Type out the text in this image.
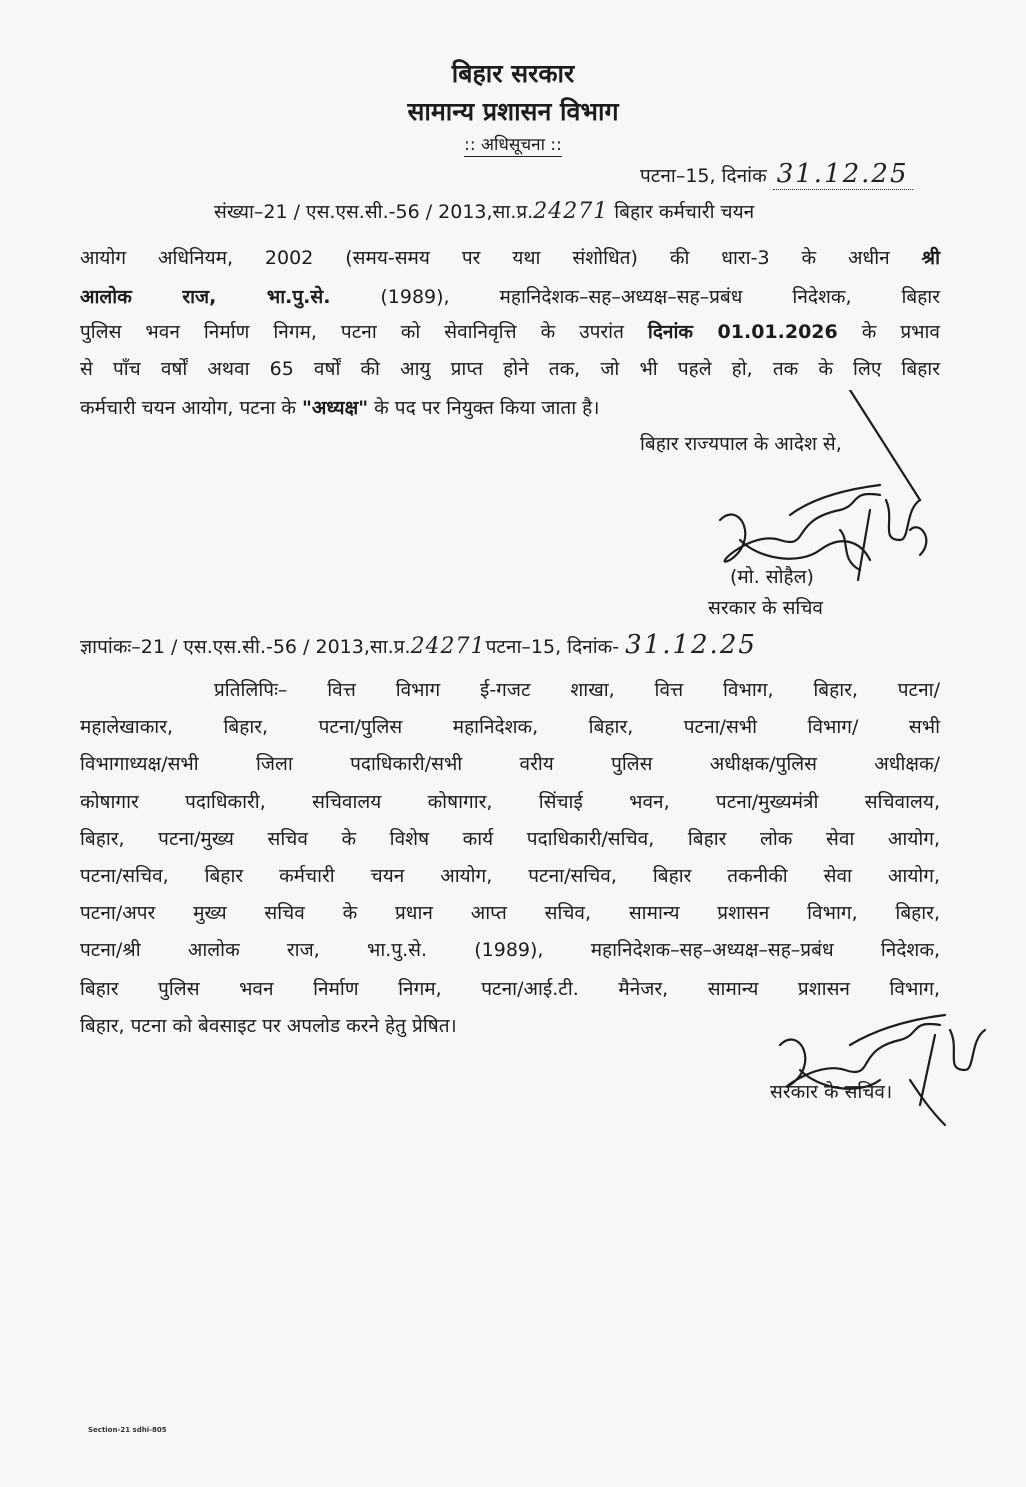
बिहार सरकार
सामान्य प्रशासन विभाग
:: अधिसूचना ::
पटना–15, दिनांक 31.12.25
संख्या–21 / एस.एस.सी.-56 / 2013,सा.प्र.24271 बिहार कर्मचारी चयन
आयोग अधिनियम, 2002 (समय-समय पर यथा संशोधित) की धारा-3 के अधीन श्री
आलोक राज, भा.पु.से.	(1989), महानिदेशक–सह–अध्यक्ष–सह–प्रबंध निदेशक, बिहार
पुलिस भवन निर्माण निगम, पटना को सेवानिवृत्ति के उपरांत दिनांक 01.01.2026 के प्रभाव
से पाँच वर्षों अथवा 65 वर्षों की आयु प्राप्त होने तक, जो भी पहले हो, तक के लिए बिहार
कर्मचारी चयन आयोग, पटना के "अध्यक्ष" के पद पर नियुक्त किया जाता है।
बिहार राज्यपाल के आदेश से,
(मो. सोहैल)
सरकार के सचिव
ज्ञापांकः–21 / एस.एस.सी.-56 / 2013,सा.प्र.24271पटना–15, दिनांक- 31.12.25
प्रतिलिपिः– वित्त विभाग ई-गजट शाखा, वित्त विभाग, बिहार, पटना/
महालेखाकार, बिहार, पटना/पुलिस महानिदेशक, बिहार, पटना/सभी विभाग/ सभी
विभागाध्यक्ष/सभी जिला पदाधिकारी/सभी वरीय पुलिस अधीक्षक/पुलिस अधीक्षक/
कोषागार पदाधिकारी, सचिवालय कोषागार, सिंचाई भवन, पटना/मुख्यमंत्री सचिवालय,
बिहार, पटना/मुख्य सचिव के विशेष कार्य पदाधिकारी/सचिव, बिहार लोक सेवा आयोग,
पटना/सचिव, बिहार कर्मचारी चयन आयोग, पटना/सचिव, बिहार तकनीकी सेवा आयोग,
पटना/अपर मुख्य सचिव के प्रधान आप्त सचिव, सामान्य प्रशासन विभाग, बिहार,
पटना/श्री आलोक राज, भा.पु.से. (1989), महानिदेशक–सह–अध्यक्ष–सह–प्रबंध निदेशक,
बिहार पुलिस भवन निर्माण निगम, पटना/आई.टी. मैनेजर, सामान्य प्रशासन विभाग,
बिहार, पटना को बेवसाइट पर अपलोड करने हेतु प्रेषित।
सरकार के सचिव।
Section-21 sdhi-805
